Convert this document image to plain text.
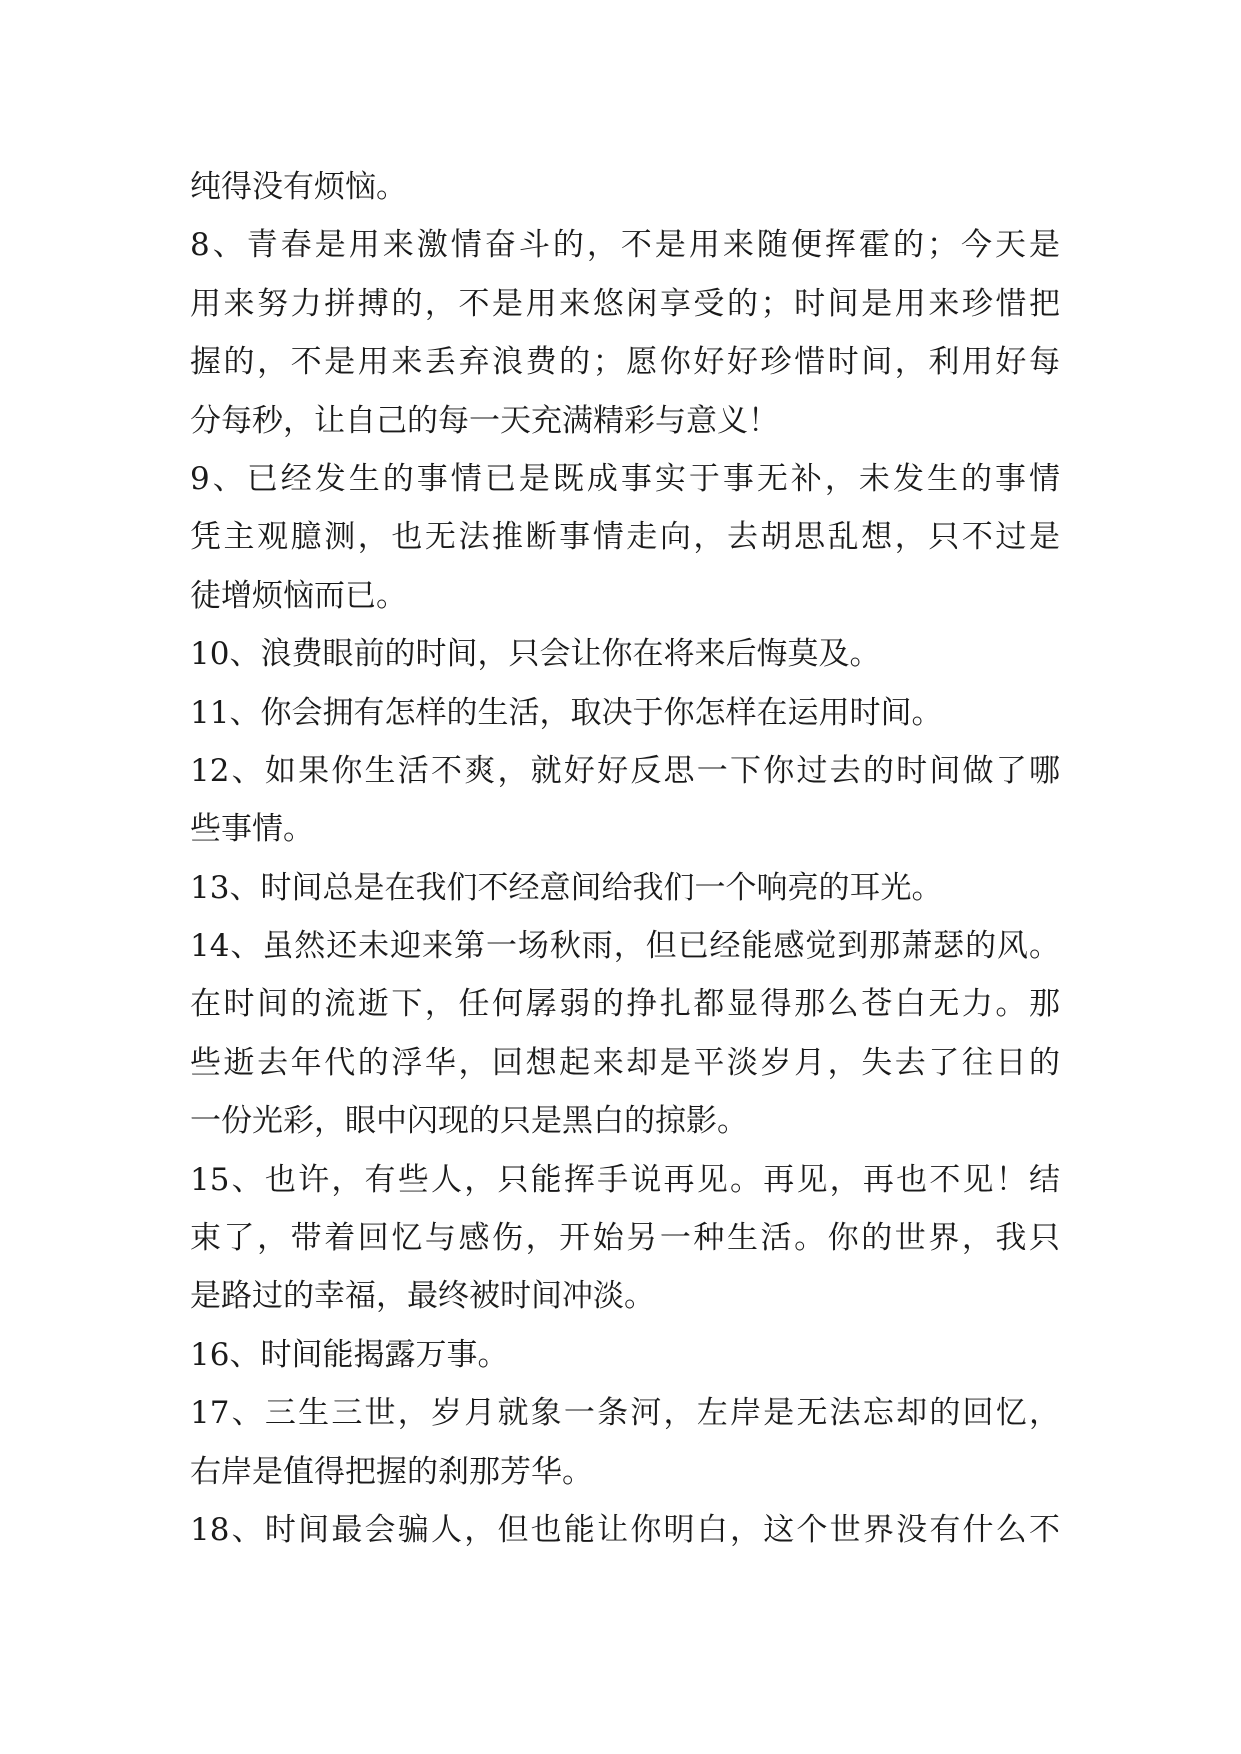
纯得没有烦恼。
8、青春是用来激情奋斗的，不是用来随便挥霍的；今天是
用来努力拼搏的，不是用来悠闲享受的；时间是用来珍惜把
握的，不是用来丢弃浪费的；愿你好好珍惜时间，利用好每
分每秒，让自己的每一天充满精彩与意义！
9、已经发生的事情已是既成事实于事无补，未发生的事情
凭主观臆测，也无法推断事情走向，去胡思乱想，只不过是
徒增烦恼而已。
10、浪费眼前的时间，只会让你在将来后悔莫及。
11、你会拥有怎样的生活，取决于你怎样在运用时间。
12、如果你生活不爽，就好好反思一下你过去的时间做了哪
些事情。
13、时间总是在我们不经意间给我们一个响亮的耳光。
14、虽然还未迎来第一场秋雨，但已经能感觉到那萧瑟的风。
在时间的流逝下，任何孱弱的挣扎都显得那么苍白无力。那
些逝去年代的浮华，回想起来却是平淡岁月，失去了往日的
一份光彩，眼中闪现的只是黑白的掠影。
15、也许，有些人，只能挥手说再见。再见，再也不见！结
束了，带着回忆与感伤，开始另一种生活。你的世界，我只
是路过的幸福，最终被时间冲淡。
16、时间能揭露万事。
17、三生三世，岁月就象一条河，左岸是无法忘却的回忆，
右岸是值得把握的刹那芳华。
18、时间最会骗人，但也能让你明白，这个世界没有什么不
